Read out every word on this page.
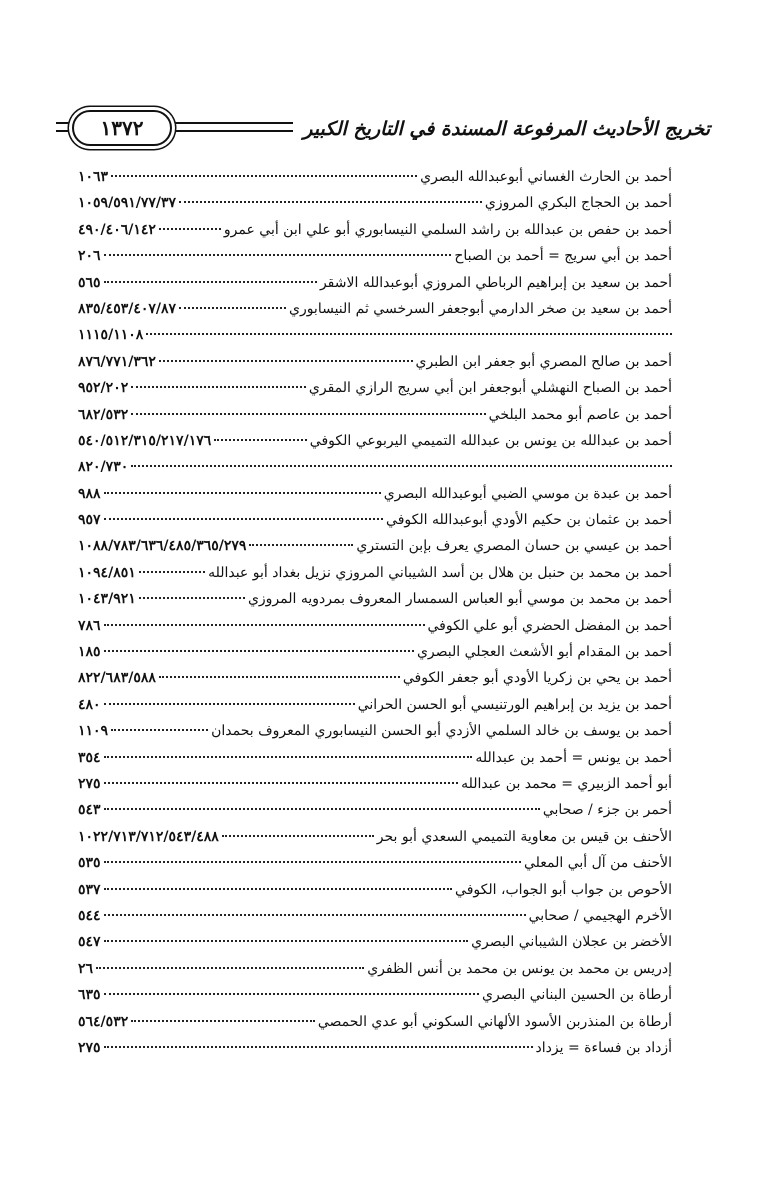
تخريج الأحاديث المرفوعة المسندة في التاريخ الكبير
١٣٧٢
أحمد بن الحارث الغساني أبوعبدالله البصري
١٠٦٣
أحمد بن الحجاج البكري المروزي
١٠٥٩/٥٩١/٧٧/٣٧
أحمد بن حفص بن عبدالله بن راشد السلمي النيسابوري أبو علي ابن أبي عمرو
٤٩٠/٤٠٦/١٤٢
أحمد بن أبي سريج = أحمد بن الصباح
٢٠٦
أحمد بن سعيد بن إبراهيم الرباطي المروزي أبوعبدالله الاشقر
٥٦٥
أحمد بن سعيد بن صخر الدارمي أبوجعفر السرخسي ثم النيسابوري
٨٣٥/٤٥٣/٤٠٧/٨٧
١١١٥/١١٠٨
أحمد بن صالح المصري أبو جعفر ابن الطبري
٨٧٦/٧٧١/٣٦٢
أحمد بن الصباح النهشلي أبوجعفر ابن أبي سريج الرازي المقري
٩٥٢/٢٠٢
أحمد بن عاصم أبو محمد البلخي
٦٨٢/٥٣٢
أحمد بن عبدالله بن يونس بن عبدالله التميمي اليربوعي الكوفي
٥٤٠/٥١٢/٣١٥/٢١٧/١٧٦
٨٢٠/٧٣٠
أحمد بن عبدة بن موسي الضبي أبوعبدالله البصري
٩٨٨
أحمد بن عثمان بن حكيم الأودي أبوعبدالله الكوفي
٩٥٧
أحمد بن عيسي بن حسان المصري يعرف بإبن التستري
١٠٨٨/٧٨٣/٦٣٦/٤٨٥/٣٦٥/٢٧٩
أحمد بن محمد بن حنبل بن هلال بن أسد الشيباني المروزي نزيل بغداد أبو عبدالله
١٠٩٤/٨٥١
أحمد بن محمد بن موسي أبو العباس السمسار المعروف بمردويه المروزي
١٠٤٣/٩٢١
أحمد بن المفضل الحضري أبو علي الكوفي
٧٨٦
أحمد بن المقدام أبو الأشعث العجلي البصري
١٨٥
أحمد بن يحي بن زكريا الأودي أبو جعفر الكوفي
٨٢٢/٦٨٣/٥٨٨
أحمد بن يزيد بن إبراهيم الورتنيسي أبو الحسن الحراني
٤٨٠
أحمد بن يوسف بن خالد السلمي الأزدي أبو الحسن النيسابوري المعروف بحمدان
١١٠٩
أحمد بن يونس = أحمد بن عبدالله
٣٥٤
أبو أحمد الزبيري = محمد بن عبدالله
٢٧٥
أحمر بن جزء / صحابي
٥٤٣
الأحنف بن قيس بن معاوية التميمي السعدي أبو بحر
١٠٢٢/٧١٣/٧١٢/٥٤٣/٤٨٨
الأحنف من آل أبي المعلي
٥٣٥
الأحوص بن جواب أبو الجواب، الكوفي
٥٣٧
الأخرم الهجيمي / صحابي
٥٤٤
الأخضر بن عجلان الشيباني البصري
٥٤٧
إدريس بن محمد بن يونس بن محمد بن أنس الظفري
٢٦
أرطاة بن الحسين البناني البصري
٦٣٥
أرطاة بن المنذربن الأسود الألهاني السكوني أبو عدي الحمصي
٥٦٤/٥٣٢
أزداد بن فساءة = يزداد
٢٧٥
